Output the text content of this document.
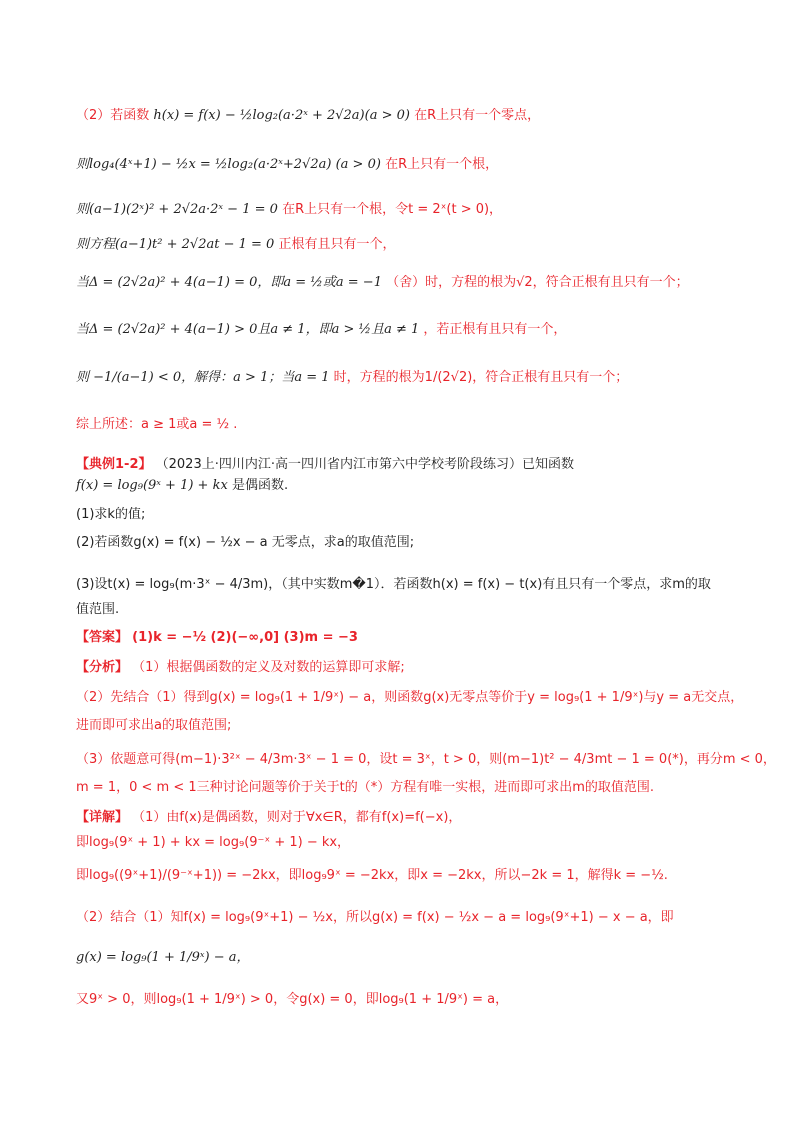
（2）若函数 h(x) = f(x) − ½log₂(a·2ˣ + 2√2a)(a > 0) 在R上只有一个零点，
则log₄(4ˣ+1) − ½x = ½log₂(a·2ˣ+2√2a) (a > 0) 在R上只有一个根，
则(a−1)(2ˣ)² + 2√2a·2ˣ − 1 = 0 在R上只有一个根，令t = 2ˣ(t > 0)，
则方程(a−1)t² + 2√2at − 1 = 0 正根有且只有一个，
当Δ = (2√2a)² + 4(a−1) = 0，即a = ½或a = −1 （舍）时，方程的根为√2，符合正根有且只有一个；
当Δ = (2√2a)² + 4(a−1) > 0且a ≠ 1，即a > ½且a ≠ 1 ，若正根有且只有一个，
则 −1/(a−1) < 0，解得：a > 1；当a = 1 时，方程的根为1/(2√2)，符合正根有且只有一个；
综上所述：a ≥ 1或a = ½ .
【典例1-2】 （2023上·四川内江·高一四川省内江市第六中学校考阶段练习）已知函数
f(x) = log₉(9ˣ + 1) + kx 是偶函数.
(1)求k的值;
(2)若函数g(x) = f(x) − ½x − a 无零点，求a的取值范围;
(3)设t(x) = log₉(m·3ˣ − 4/3m)，（其中实数m�1）．若函数h(x) = f(x) − t(x)有且只有一个零点，求m的取
值范围.
【答案】 (1)k = −½ (2)(−∞,0] (3)m = −3
【分析】 （1）根据偶函数的定义及对数的运算即可求解;
（2）先结合（1）得到g(x) = log₉(1 + 1/9ˣ) − a，则函数g(x)无零点等价于y = log₉(1 + 1/9ˣ)与y = a无交点，
进而即可求出a的取值范围;
（3）依题意可得(m−1)·3²ˣ − 4/3m·3ˣ − 1 = 0，设t = 3ˣ，t > 0，则(m−1)t² − 4/3mt − 1 = 0(*)，再分m < 0，
m = 1，0 < m < 1三种讨论问题等价于关于t的（*）方程有唯一实根，进而即可求出m的取值范围.
【详解】 （1）由f(x)是偶函数，则对于∀x∈R，都有f(x)=f(−x)，
即log₉(9ˣ + 1) + kx = log₉(9⁻ˣ + 1) − kx，
即log₉((9ˣ+1)/(9⁻ˣ+1)) = −2kx，即log₉9ˣ = −2kx，即x = −2kx，所以−2k = 1，解得k = −½.
（2）结合（1）知f(x) = log₉(9ˣ+1) − ½x，所以g(x) = f(x) − ½x − a = log₉(9ˣ+1) − x − a，即
g(x) = log₉(1 + 1/9ˣ) − a，
又9ˣ > 0，则log₉(1 + 1/9ˣ) > 0，令g(x) = 0，即log₉(1 + 1/9ˣ) = a，
